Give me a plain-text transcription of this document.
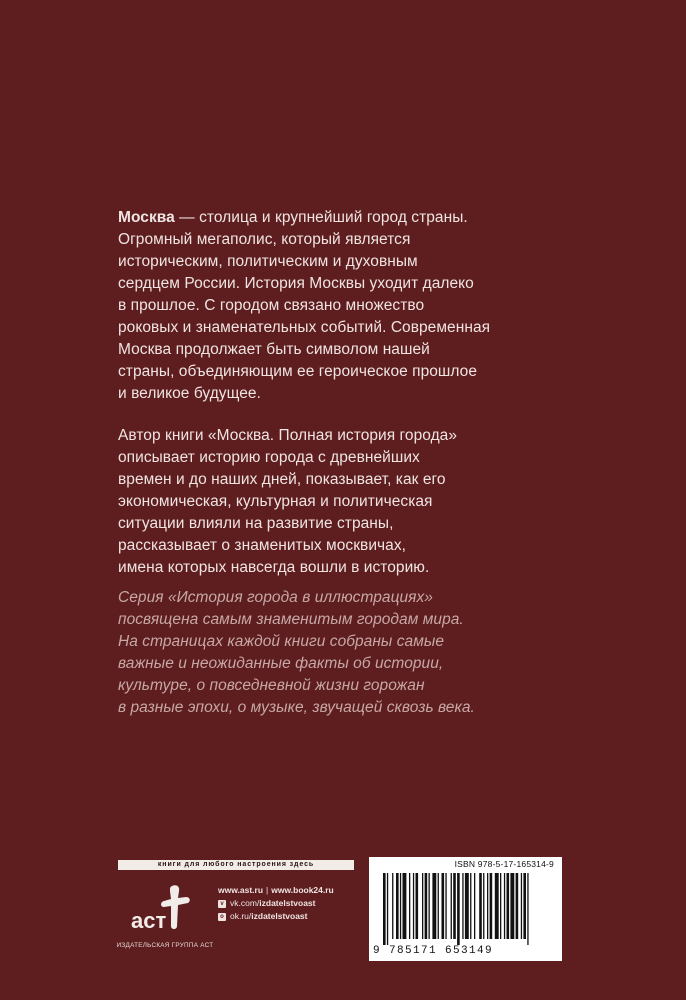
Москва — столица и крупнейший город страны.
Огромный мегаполис, который является
историческим, политическим и духовным
сердцем России. История Москвы уходит далеко
в прошлое. С городом связано множество
роковых и знаменательных событий. Современная
Москва продолжает быть символом нашей
страны, объединяющим ее героическое прошлое
и великое будущее.
Автор книги «Москва. Полная история города»
описывает историю города с древнейших
времен и до наших дней, показывает, как его
экономическая, культурная и политическая
ситуации влияли на развитие страны,
рассказывает о знаменитых москвичах,
имена которых навсегда вошли в историю.
Серия «История города в иллюстрациях»
посвящена самым знаменитым городам мира.
На страницах каждой книги собраны самые
важные и неожиданные факты об истории,
культуре, о повседневной жизни горожан
в разные эпохи, о музыке, звучащей сквозь века.
книги для любого настроения здесь
аст
ИЗДАТЕЛЬСКАЯ ГРУППА АСТ
www.ast.ru | www.book24.ru
v vk.com/ izdatelstvoast
o ok.ru/ izdatelstvoast
ISBN 978-5-17-165314-9
9 785171 653149
